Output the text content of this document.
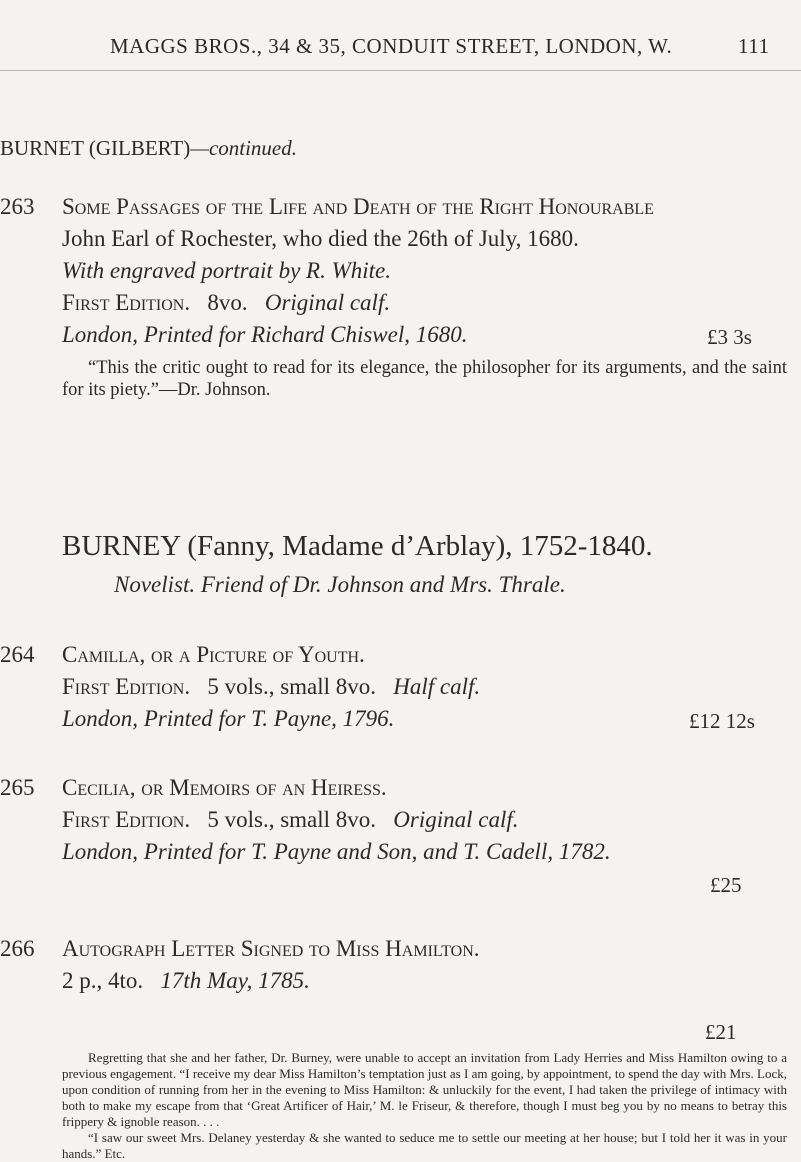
MAGGS BROS., 34 & 35, CONDUIT STREET, LONDON, W.	111
BURNET (GILBERT)—continued.
263 Some Passages of the Life and Death of the Right Honourable
John Earl of Rochester, who died the 26th of July, 1680.
With engraved portrait by R. White.
First Edition. 8vo. Original calf.
London, Printed for Richard Chiswel, 1680.	£3 3s

“This the critic ought to read for its elegance, the philosopher for its arguments, and the saint for its piety.”—Dr. Johnson.

BURNEY (Fanny, Madame d’Arblay), 1752-1840.
Novelist. Friend of Dr. Johnson and Mrs. Thrale.
264 Camilla, or a Picture of Youth.
First Edition. 5 vols., small 8vo. Half calf.
London, Printed for T. Payne, 1796.	£12 12s
265 Cecilia, or Memoirs of an Heiress.
First Edition. 5 vols., small 8vo. Original calf.
London, Printed for T. Payne and Son, and T. Cadell, 1782.
£25
266 Autograph Letter Signed to Miss Hamilton.
2 p., 4to. 17th May, 1785.
£21

Regretting that she and her father, Dr. Burney, were unable to accept an invitation from Lady Herries and Miss Hamilton owing to a previous engagement. “I receive my dear Miss Hamilton’s temptation just as I am going, by appointment, to spend the day with Mrs. Lock, upon condition of running from her in the evening to Miss Hamilton: & unluckily for the event, I had taken the privilege of intimacy with both to make my escape from that ‘Great Artificer of Hair,’ M. le Friseur, & therefore, though I must beg you by no means to betray this frippery & ignoble reason. . . .

“I saw our sweet Mrs. Delaney yesterday & she wanted to seduce me to settle our meeting at her house; but I told her it was in your hands.” Etc.
